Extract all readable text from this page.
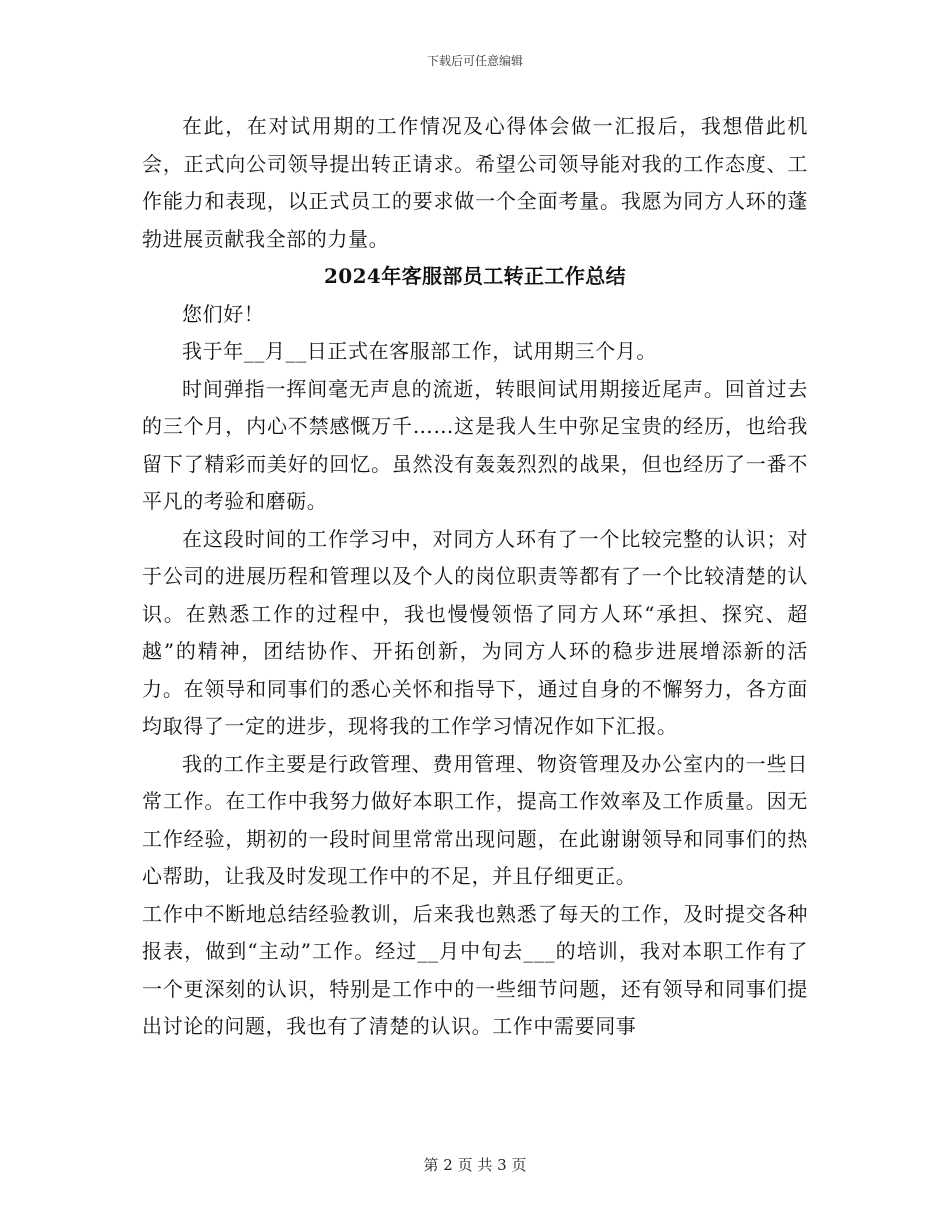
下载后可任意编辑

在此，在对试用期的工作情况及心得体会做一汇报后，我想借此机会，正式向公司领导提出转正请求。希望公司领导能对我的工作态度、工作能力和表现，以正式员工的要求做一个全面考量。我愿为同方人环的蓬勃进展贡献我全部的力量。

2024年客服部员工转正工作总结

您们好！

我于年__月__日正式在客服部工作，试用期三个月。

时间弹指一挥间毫无声息的流逝，转眼间试用期接近尾声。回首过去的三个月，内心不禁感慨万千……这是我人生中弥足宝贵的经历，也给我留下了精彩而美好的回忆。虽然没有轰轰烈烈的战果，但也经历了一番不平凡的考验和磨砺。

在这段时间的工作学习中，对同方人环有了一个比较完整的认识；对于公司的进展历程和管理以及个人的岗位职责等都有了一个比较清楚的认识。在熟悉工作的过程中，我也慢慢领悟了同方人环“承担、探究、超越”的精神，团结协作、开拓创新，为同方人环的稳步进展增添新的活力。在领导和同事们的悉心关怀和指导下，通过自身的不懈努力，各方面均取得了一定的进步，现将我的工作学习情况作如下汇报。

我的工作主要是行政管理、费用管理、物资管理及办公室内的一些日常工作。在工作中我努力做好本职工作，提高工作效率及工作质量。因无工作经验，期初的一段时间里常常出现问题，在此谢谢领导和同事们的热心帮助，让我及时发现工作中的不足，并且仔细更正。

工作中不断地总结经验教训，后来我也熟悉了每天的工作，及时提交各种报表，做到“主动”工作。经过__月中旬去___的培训，我对本职工作有了一个更深刻的认识，特别是工作中的一些细节问题，还有领导和同事们提出讨论的问题，我也有了清楚的认识。工作中需要同事

第 2 页 共 3 页
